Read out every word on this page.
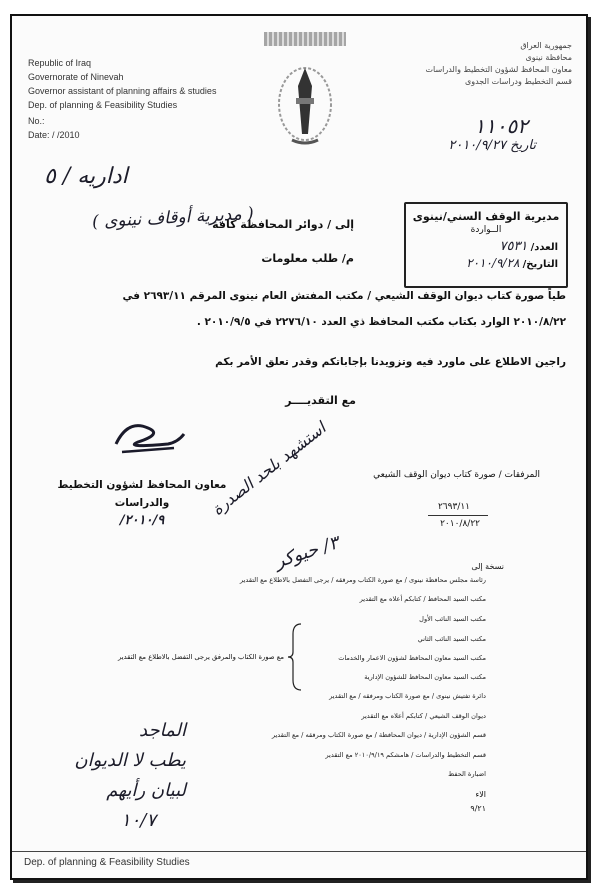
Republic of Iraq
Governorate of Ninevah
Governor assistant of planning affairs & studies
Dep. of planning & Feasibility Studies
No.:
Date: / /2010
جمهورية العراق
محافظة نينوى
معاون المحافظ لشؤون التخطيط والدراسات
قسم التخطيط ودراسات الجدوى
١١٠٥٢
تاريخ ٢٠١٠/٩/٢٧
اداريه / ٥
إلى / دوائر المحافظة كافة
( مديرية أوقاف نينوى )
م/ طلب معلومات
مديرية الوقف السني/نينوى
الــواردة
العدد/ ٧٥٣١
التاريخ/ ٢٠١٠/٩/٢٨
طياً صورة كتاب ديوان الوقف الشيعي / مكتب المفتش العام نينوى المرقم ٢٦٩٣/١١ في
٢٠١٠/٨/٢٢ الوارد بكتاب مكتب المحافظ ذي العدد ٢٢٧٦/١٠ في ٢٠١٠/٩/٥ .
راجين الاطلاع على ماورد فيه وتزويدنا بإجاباتكم وقدر تعلق الأمر بكم
مع التقديــــر
معاون المحافظ لشؤون التخطيط
والدراسات
٢٠١٠/٩/
المرفقات / صورة كتاب ديوان الوقف الشيعي
٢٦٩٣/١١
٢٠١٠/٨/٢٢
استشهد بلحد الصدرة
٣/ حيوكر
نسخة إلى
رئاسة مجلس محافظة نينوى / مع صورة الكتاب ومرفقه / يرجى التفضل بالاطلاع مع التقدير
مكتب السيد المحافظ / كتابكم أعلاه مع التقدير
مكتب السيد النائب الأول
مكتب السيد النائب الثاني
مكتب السيد معاون المحافظ لشؤون الاعمار والخدمات
مكتب السيد معاون المحافظ للشؤون الإدارية
دائرة تفتيش نينوى / مع صورة الكتاب ومرفقه / مع التقدير
ديوان الوقف الشيعي / كتابكم أعلاه مع التقدير
قسم الشؤون الإدارية / ديوان المحافظة / مع صورة الكتاب ومرفقه / مع التقدير
قسم التخطيط والدراسات / هامشكم ٢٠١٠/٩/١٩ مع التقدير
اضبارة الحفظ
مع صورة الكتاب والمرفق يرجى التفضل بالاطلاع مع التقدير
الاء
٩/٢١
الماجد
يطب لا الديوان
لبيان رأيهم
١٠/٧
Dep. of planning & Feasibility Studies
